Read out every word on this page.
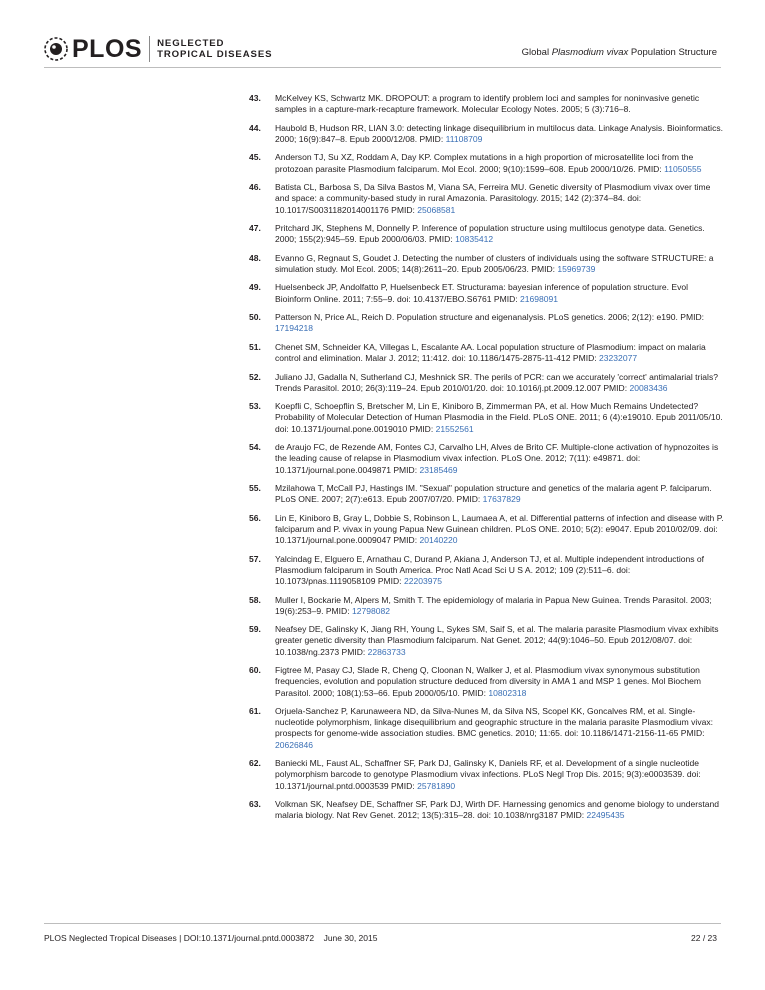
PLOS NEGLECTED
TROPICAL DISEASES	Global Plasmodium vivax Population Structure
43. McKelvey KS, Schwartz MK. DROPOUT: a program to identify problem loci and samples for noninvasive genetic samples in a capture-mark-recapture framework. Molecular Ecology Notes. 2005; 5 (3):716–8.
44. Haubold B, Hudson RR, LIAN 3.0: detecting linkage disequilibrium in multilocus data. Linkage Analysis. Bioinformatics. 2000; 16(9):847–8. Epub 2000/12/08. PMID: 11108709
45. Anderson TJ, Su XZ, Roddam A, Day KP. Complex mutations in a high proportion of microsatellite loci from the protozoan parasite Plasmodium falciparum. Mol Ecol. 2000; 9(10):1599–608. Epub 2000/10/26. PMID: 11050555
46. Batista CL, Barbosa S, Da Silva Bastos M, Viana SA, Ferreira MU. Genetic diversity of Plasmodium vivax over time and space: a community-based study in rural Amazonia. Parasitology. 2015; 142 (2):374–84. doi: 10.1017/S0031182014001176 PMID: 25068581
47. Pritchard JK, Stephens M, Donnelly P. Inference of population structure using multilocus genotype data. Genetics. 2000; 155(2):945–59. Epub 2000/06/03. PMID: 10835412
48. Evanno G, Regnaut S, Goudet J. Detecting the number of clusters of individuals using the software STRUCTURE: a simulation study. Mol Ecol. 2005; 14(8):2611–20. Epub 2005/06/23. PMID: 15969739
49. Huelsenbeck JP, Andolfatto P, Huelsenbeck ET. Structurama: bayesian inference of population structure. Evol Bioinform Online. 2011; 7:55–9. doi: 10.4137/EBO.S6761 PMID: 21698091
50. Patterson N, Price AL, Reich D. Population structure and eigenanalysis. PLoS genetics. 2006; 2(12): e190. PMID: 17194218
51. Chenet SM, Schneider KA, Villegas L, Escalante AA. Local population structure of Plasmodium: impact on malaria control and elimination. Malar J. 2012; 11:412. doi: 10.1186/1475-2875-11-412 PMID: 23232077
52. Juliano JJ, Gadalla N, Sutherland CJ, Meshnick SR. The perils of PCR: can we accurately 'correct' antimalarial trials? Trends Parasitol. 2010; 26(3):119–24. Epub 2010/01/20. doi: 10.1016/j.pt.2009.12.007 PMID: 20083436
53. Koepfli C, Schoepflin S, Bretscher M, Lin E, Kiniboro B, Zimmerman PA, et al. How Much Remains Undetected? Probability of Molecular Detection of Human Plasmodia in the Field. PLoS ONE. 2011; 6 (4):e19010. Epub 2011/05/10. doi: 10.1371/journal.pone.0019010 PMID: 21552561
54. de Araujo FC, de Rezende AM, Fontes CJ, Carvalho LH, Alves de Brito CF. Multiple-clone activation of hypnozoites is the leading cause of relapse in Plasmodium vivax infection. PLoS One. 2012; 7(11): e49871. doi: 10.1371/journal.pone.0049871 PMID: 23185469
55. Mzilahowa T, McCall PJ, Hastings IM. "Sexual" population structure and genetics of the malaria agent P. falciparum. PLoS ONE. 2007; 2(7):e613. Epub 2007/07/20. PMID: 17637829
56. Lin E, Kiniboro B, Gray L, Dobbie S, Robinson L, Laumaea A, et al. Differential patterns of infection and disease with P. falciparum and P. vivax in young Papua New Guinean children. PLoS ONE. 2010; 5(2): e9047. Epub 2010/02/09. doi: 10.1371/journal.pone.0009047 PMID: 20140220
57. Yalcindag E, Elguero E, Arnathau C, Durand P, Akiana J, Anderson TJ, et al. Multiple independent introductions of Plasmodium falciparum in South America. Proc Natl Acad Sci U S A. 2012; 109 (2):511–6. doi: 10.1073/pnas.1119058109 PMID: 22203975
58. Muller I, Bockarie M, Alpers M, Smith T. The epidemiology of malaria in Papua New Guinea. Trends Parasitol. 2003; 19(6):253–9. PMID: 12798082
59. Neafsey DE, Galinsky K, Jiang RH, Young L, Sykes SM, Saif S, et al. The malaria parasite Plasmodium vivax exhibits greater genetic diversity than Plasmodium falciparum. Nat Genet. 2012; 44(9):1046–50. Epub 2012/08/07. doi: 10.1038/ng.2373 PMID: 22863733
60. Figtree M, Pasay CJ, Slade R, Cheng Q, Cloonan N, Walker J, et al. Plasmodium vivax synonymous substitution frequencies, evolution and population structure deduced from diversity in AMA 1 and MSP 1 genes. Mol Biochem Parasitol. 2000; 108(1):53–66. Epub 2000/05/10. PMID: 10802318
61. Orjuela-Sanchez P, Karunaweera ND, da Silva-Nunes M, da Silva NS, Scopel KK, Goncalves RM, et al. Single-nucleotide polymorphism, linkage disequilibrium and geographic structure in the malaria parasite Plasmodium vivax: prospects for genome-wide association studies. BMC genetics. 2010; 11:65. doi: 10.1186/1471-2156-11-65 PMID: 20626846
62. Baniecki ML, Faust AL, Schaffner SF, Park DJ, Galinsky K, Daniels RF, et al. Development of a single nucleotide polymorphism barcode to genotype Plasmodium vivax infections. PLoS Negl Trop Dis. 2015; 9(3):e0003539. doi: 10.1371/journal.pntd.0003539 PMID: 25781890
63. Volkman SK, Neafsey DE, Schaffner SF, Park DJ, Wirth DF. Harnessing genomics and genome biology to understand malaria biology. Nat Rev Genet. 2012; 13(5):315–28. doi: 10.1038/nrg3187 PMID: 22495435
PLOS Neglected Tropical Diseases | DOI:10.1371/journal.pntd.0003872    June 30, 2015	22 / 23
